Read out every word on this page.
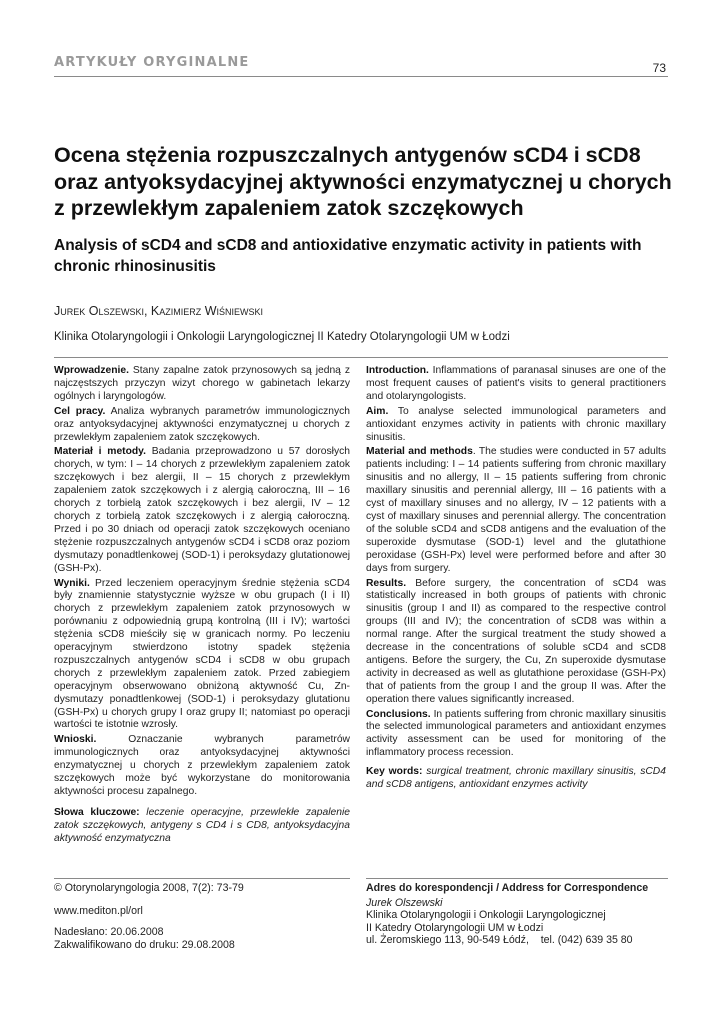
ARTYKUŁY ORYGINALNE	73
Ocena stężenia rozpuszczalnych antygenów sCD4 i sCD8 oraz antyoksydacyjnej aktywności enzymatycznej u chorych z przewlekłym zapaleniem zatok szczękowych
Analysis of sCD4 and sCD8 and antioxidative enzymatic activity in patients with chronic rhinosinusitis
Jurek Olszewski, Kazimierz Wiśniewski
Klinika Otolaryngologii i Onkologii Laryngologicznej II Katedry Otolaryngologii UM w Łodzi

Wprowadzenie. Stany zapalne zatok przynosowych są jedną z najczęstszych przyczyn wizyt chorego w gabinetach lekarzy ogólnych i laryngologów.

Cel pracy. Analiza wybranych parametrów immunologicznych oraz antyoksydacyjnej aktywności enzymatycznej u chorych z przewlekłym zapaleniem zatok szczękowych.

Materiał i metody. Badania przeprowadzono u 57 dorosłych chorych, w tym: I – 14 chorych z przewlekłym zapaleniem zatok szczękowych i bez alergii, II – 15 chorych z przewlekłym zapaleniem zatok szczękowych i z alergią całoroczną, III – 16 chorych z torbielą zatok szczękowych i bez alergii, IV – 12 chorych z torbielą zatok szczękowych i z alergią całoroczną. Przed i po 30 dniach od operacji zatok szczękowych oceniano stężenie rozpuszczalnych antygenów sCD4 i sCD8 oraz poziom dysmutazy ponadtlenkowej (SOD-1) i peroksydazy glutationowej (GSH-Px).

Wyniki. Przed leczeniem operacyjnym średnie stężenia sCD4 były znamiennie statystycznie wyższe w obu grupach (I i II) chorych z przewlekłym zapaleniem zatok przynosowych w porównaniu z odpowiednią grupą kontrolną (III i IV); wartości stężenia sCD8 mieściły się w granicach normy. Po leczeniu operacyjnym stwierdzono istotny spadek stężenia rozpuszczalnych antygenów sCD4 i sCD8 w obu grupach chorych z przewlekłym zapaleniem zatok. Przed zabiegiem operacyjnym obserwowano obniżoną aktywność Cu, Zn-dysmutazy ponadtlenkowej (SOD-1) i peroksydazy glutationu (GSH-Px) u chorych grupy I oraz grupy II; natomiast po operacji wartości te istotnie wzrosły.

Wnioski.	Oznaczanie wybranych parametrów immunologicznych oraz antyoksydacyjnej aktywności enzymatycznej u chorych z przewlekłym zapaleniem zatok szczękowych może być wykorzystane do monitorowania aktywności procesu zapalnego.

Słowa kluczowe: leczenie operacyjne, przewlekłe zapalenie zatok szczękowych, antygeny s CD4 i s CD8, antyoksydacyjna aktywność enzymatyczna

Introduction. Inflammations of paranasal sinuses are one of the most frequent causes of patient's visits to general practitioners and otolaryngologists.

Aim. To analyse selected immunological parameters and antioxidant enzymes activity in patients with chronic maxillary sinusitis.

Material and methods. The studies were conducted in 57 adults patients including: I – 14 patients suffering from chronic maxillary sinusitis and no allergy, II – 15 patients suffering from chronic maxillary sinusitis and perennial allergy, III – 16 patients with a cyst of maxillary sinuses and no allergy, IV – 12 patients with a cyst of maxillary sinuses and perennial allergy. The concentration of the soluble sCD4 and sCD8 antigens and the evaluation of the superoxide dysmutase (SOD-1) level and the glutathione peroxidase (GSH-Px) level were performed before and after 30 days from surgery.

Results. Before surgery, the concentration of sCD4 was statistically increased in both groups of patients with chronic sinusitis (group I and II) as compared to the respective control groups (III and IV); the concentration of sCD8 was within a normal range. After the surgical treatment the study showed a decrease in the concentrations of soluble sCD4 and sCD8 antigens. Before the surgery, the Cu, Zn superoxide dysmutase activity in decreased as well as glutathione peroxidase (GSH-Px) that of patients from the group I and the group II was. After the operation there values significantly increased.

Conclusions. In patients suffering from chronic maxillary sinusitis the selected immunological parameters and antioxidant enzymes activity assessment can be used for monitoring of the inflammatory process recession.

Key words: surgical treatment, chronic maxillary sinusitis, sCD4 and sCD8 antigens, antioxidant enzymes activity

© Otorynolaryngologia 2008, 7(2): 73-79
www.mediton.pl/orl
Nadesłano: 20.06.2008
Zakwalifikowano do druku: 29.08.2008
Adres do korespondencji / Address for Correspondence
Jurek Olszewski
Klinika Otolaryngologii i Onkologii Laryngologicznej
II Katedry Otolaryngologii UM w Łodzi
ul. Żeromskiego 113, 90-549 Łódź,    tel. (042) 639 35 80
